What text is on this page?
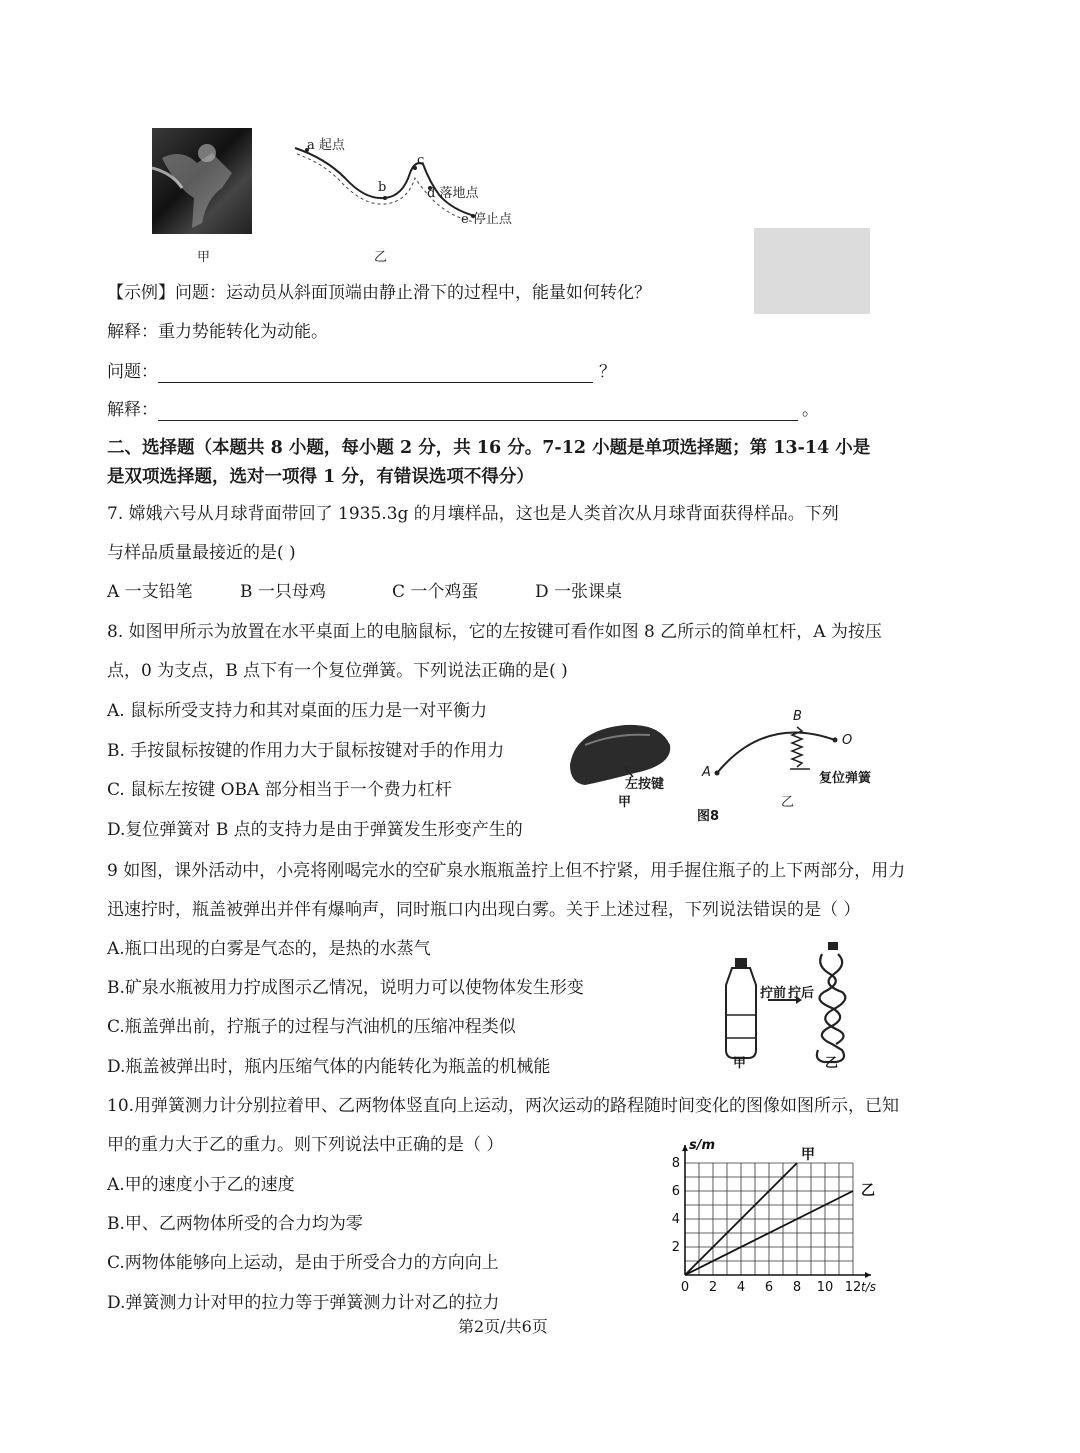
甲
a 起点
b
c
d 落地点
e 停止点
乙
【示例】问题：运动员从斜面顶端由静止滑下的过程中，能量如何转化？
解释：重力势能转化为动能。
问题：	？
解释：	。
二、选择题（本题共 8 小题，每小题 2 分，共 16 分。7-12 小题是单项选择题；第 13-14 小是
是双项选择题，选对一项得 1 分，有错误选项不得分）
7. 嫦娥六号从月球背面带回了 1935.3g 的月壤样品，这也是人类首次从月球背面获得样品。下列
与样品质量最接近的是( )
A 一支铅笔	B 一只母鸡	C 一个鸡蛋	D 一张课桌
8. 如图甲所示为放置在水平桌面上的电脑鼠标，它的左按键可看作如图 8 乙所示的简单杠杆，A 为按压
点，0 为支点，B 点下有一个复位弹簧。下列说法正确的是( )
A. 鼠标所受支持力和其对桌面的压力是一对平衡力
B. 手按鼠标按键的作用力大于鼠标按键对手的作用力
C. 鼠标左按键 OBA 部分相当于一个费力杠杆
D.复位弹簧对 B 点的支持力是由于弹簧发生形变产生的
左按键
甲
A
B
O
复位弹簧
乙
图8
9 如图，课外活动中，小亮将刚喝完水的空矿泉水瓶瓶盖拧上但不拧紧，用手握住瓶子的上下两部分，用力
迅速拧时，瓶盖被弹出并伴有爆响声，同时瓶口内出现白雾。关于上述过程，下列说法错误的是（ ）
A.瓶口出现的白雾是气态的，是热的水蒸气
B.矿泉水瓶被用力拧成图示乙情况，说明力可以使物体发生形变
C.瓶盖弹出前，拧瓶子的过程与汽油机的压缩冲程类似
D.瓶盖被弹出时，瓶内压缩气体的内能转化为瓶盖的机械能
拧前 拧后
甲	乙
10.用弹簧测力计分别拉着甲、乙两物体竖直向上运动，两次运动的路程随时间变化的图像如图所示，已知
甲的重力大于乙的重力。则下列说法中正确的是（ ）
A.甲的速度小于乙的速度
B.甲、乙两物体所受的合力均为零
C.两物体能够向上运动，是由于所受合力的方向向上
D.弹簧测力计对甲的拉力等于弹簧测力计对乙的拉力
0 2 4 6 8 10 12
2
4
6
8
s/m
t/s
甲
乙
第2页/共6页
